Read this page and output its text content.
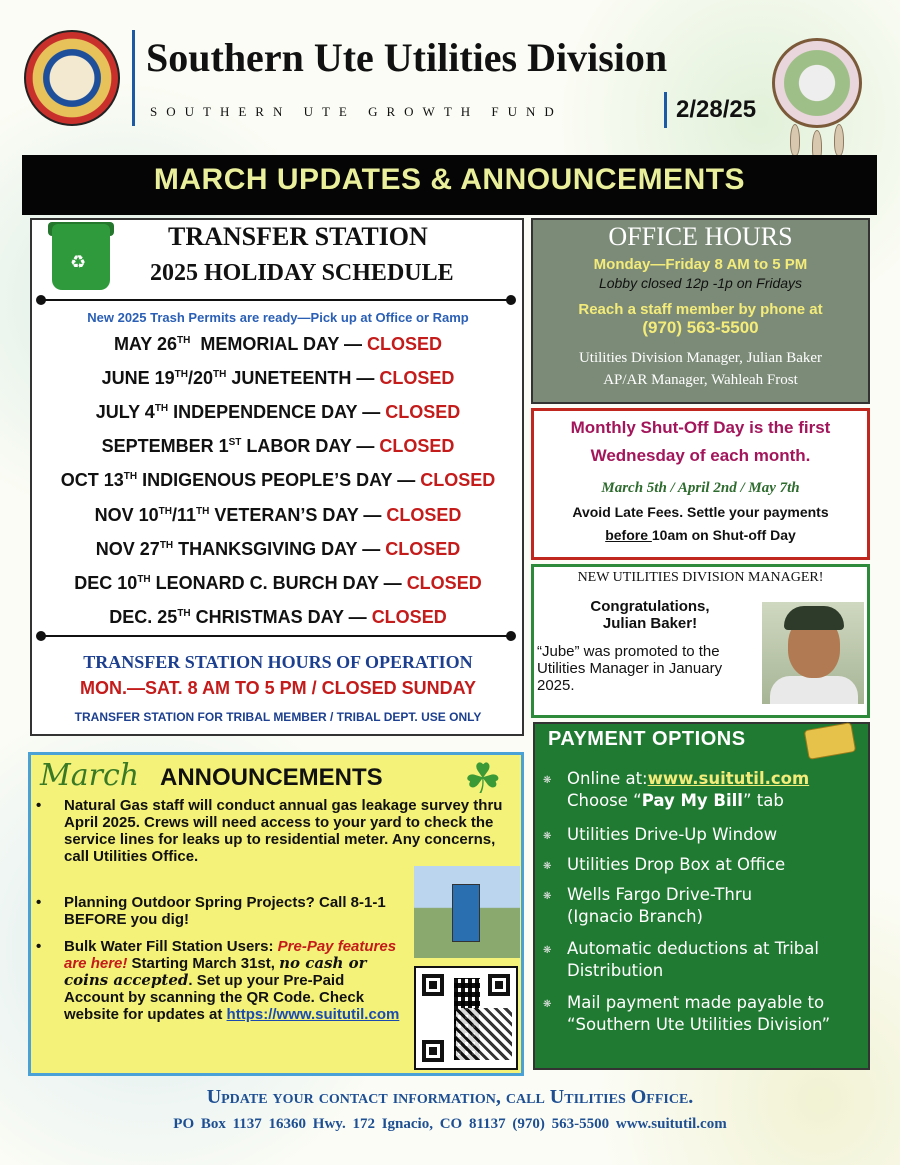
Southern Ute Utilities Division
SOUTHERN UTE GROWTH FUND	2/28/25
MARCH UPDATES & ANNOUNCEMENTS
♻
TRANSFER STATION
2025 HOLIDAY SCHEDULE
New 2025 Trash Permits are ready—Pick up at Office or Ramp
MAY 26TH  MEMORIAL DAY — CLOSED
JUNE 19TH/20TH JUNETEENTH — CLOSED
JULY 4TH INDEPENDENCE DAY — CLOSED
SEPTEMBER 1ST LABOR DAY — CLOSED
OCT 13TH INDIGENOUS PEOPLE’S DAY — CLOSED
NOV 10TH/11TH VETERAN’S DAY — CLOSED
NOV 27TH THANKSGIVING DAY — CLOSED
DEC 10TH LEONARD C. BURCH DAY — CLOSED
DEC. 25TH CHRISTMAS DAY — CLOSED
TRANSFER STATION HOURS OF OPERATION
MON.—SAT. 8 AM TO 5 PM / CLOSED SUNDAY
TRANSFER STATION FOR TRIBAL MEMBER / TRIBAL DEPT. USE ONLY
OFFICE HOURS
Monday—Friday 8 AM to 5 PM
Lobby closed 12p -1p on Fridays
Reach a staff member by phone at
(970) 563-5500
Utilities Division Manager, Julian Baker
AP/AR Manager, Wahleah Frost
Monthly Shut-Off Day is the first
Wednesday of each month.
March 5th / April 2nd / May 7th
Avoid Late Fees. Settle your payments
before 10am on Shut-off Day
NEW UTILITIES DIVISION MANAGER!
Congratulations,
Julian Baker!
“Jube” was promoted to the Utilities Manager in January 2025.
PAYMENT OPTIONS
❋ Online at:www.suitutil.com
Choose “Pay My Bill” tab
❋ Utilities Drive-Up Window
❋ Utilities Drop Box at Office
❋ Wells Fargo Drive-Thru (Ignacio Branch)
❋ Automatic deductions at Tribal Distribution
❋ Mail payment made payable to “Southern Ute Utilities Division”
March ANNOUNCEMENTS ☘
• Natural Gas staff will conduct annual gas leakage survey thru April 2025. Crews will need access to your yard to check the service lines for leaks up to residential meter. Any concerns, call Utilities Office.
• Planning Outdoor Spring Projects? Call 8-1-1 BEFORE you dig!
• Bulk Water Fill Station Users: Pre-Pay features are here! Starting March 31st, no cash or coins accepted. Set up your Pre-Paid Account by scanning the QR Code. Check website for updates at https://www.suitutil.com
Update your contact information, call Utilities Office.
PO Box 1137 16360 Hwy. 172 Ignacio, CO 81137 (970) 563-5500 www.suitutil.com
